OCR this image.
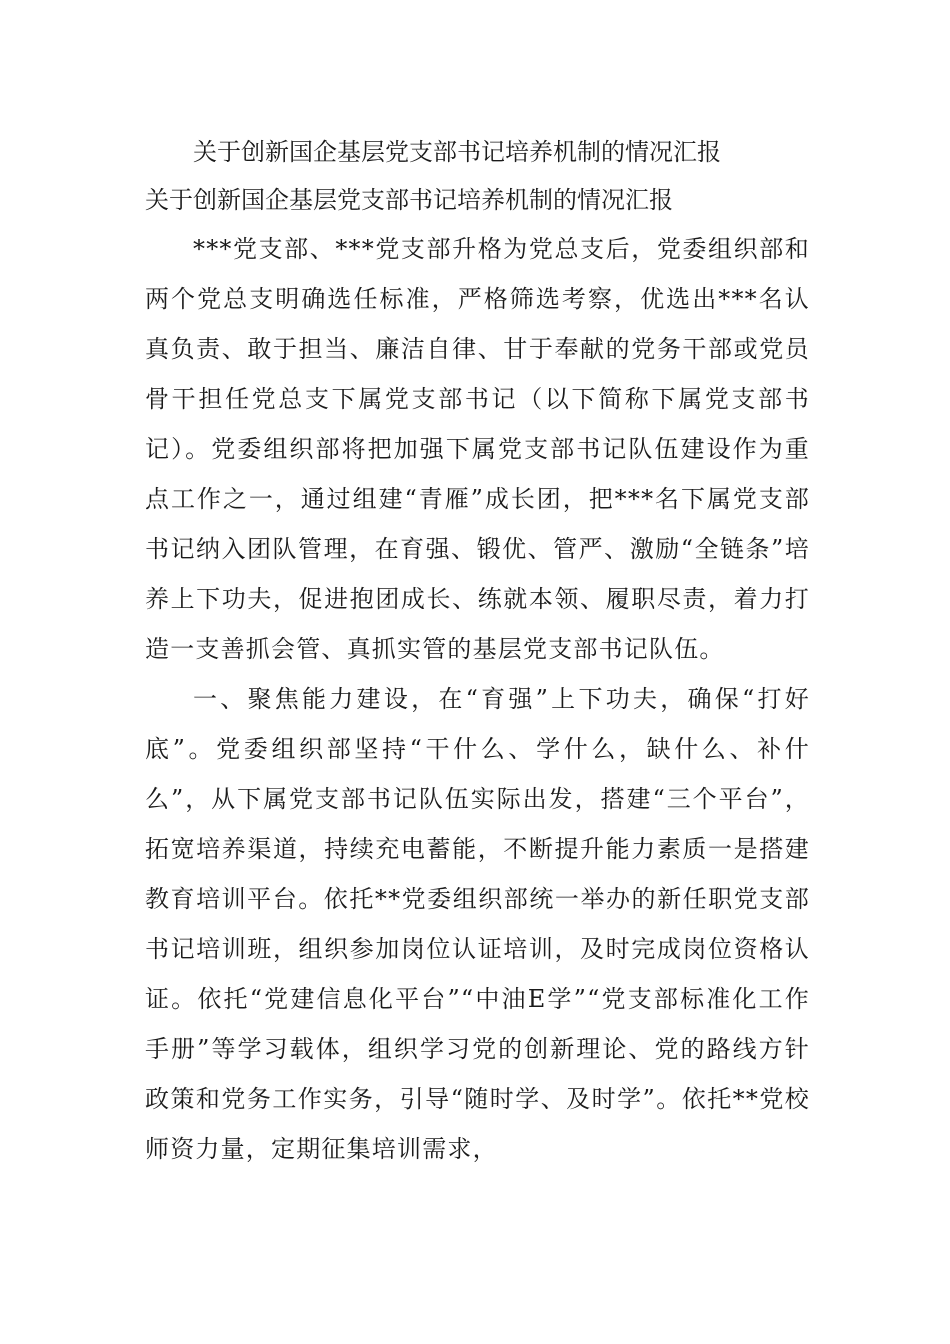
关于创新国企基层党支部书记培养机制的情况汇报
关于创新国企基层党支部书记培养机制的情况汇报

***党支部、***党支部升格为党总支后，党委组织部和两个党总支明确选任标准，严格筛选考察，优选出***名认真负责、敢于担当、廉洁自律、甘于奉献的党务干部或党员骨干担任党总支下属党支部书记（以下简称下属党支部书记）。党委组织部将把加强下属党支部书记队伍建设作为重点工作之一，通过组建“青雁”成长团，把***名下属党支部书记纳入团队管理，在育强、锻优、管严、激励“全链条”培养上下功夫，促进抱团成长、练就本领、履职尽责，着力打造一支善抓会管、真抓实管的基层党支部书记队伍。

一、聚焦能力建设，在“育强”上下功夫，确保“打好底”。党委组织部坚持“干什么、学什么，缺什么、补什么”，从下属党支部书记队伍实际出发，搭建“三个平台”，拓宽培养渠道，持续充电蓄能，不断提升能力素质一是搭建教育培训平台。依托**党委组织部统一举办的新任职党支部书记培训班，组织参加岗位认证培训，及时完成岗位资格认证。依托“党建信息化平台”“中油E学”“党支部标准化工作手册”等学习载体，组织学习党的创新理论、党的路线方针政策和党务工作实务，引导“随时学、及时学”。依托**党校师资力量，定期征集培训需求，
